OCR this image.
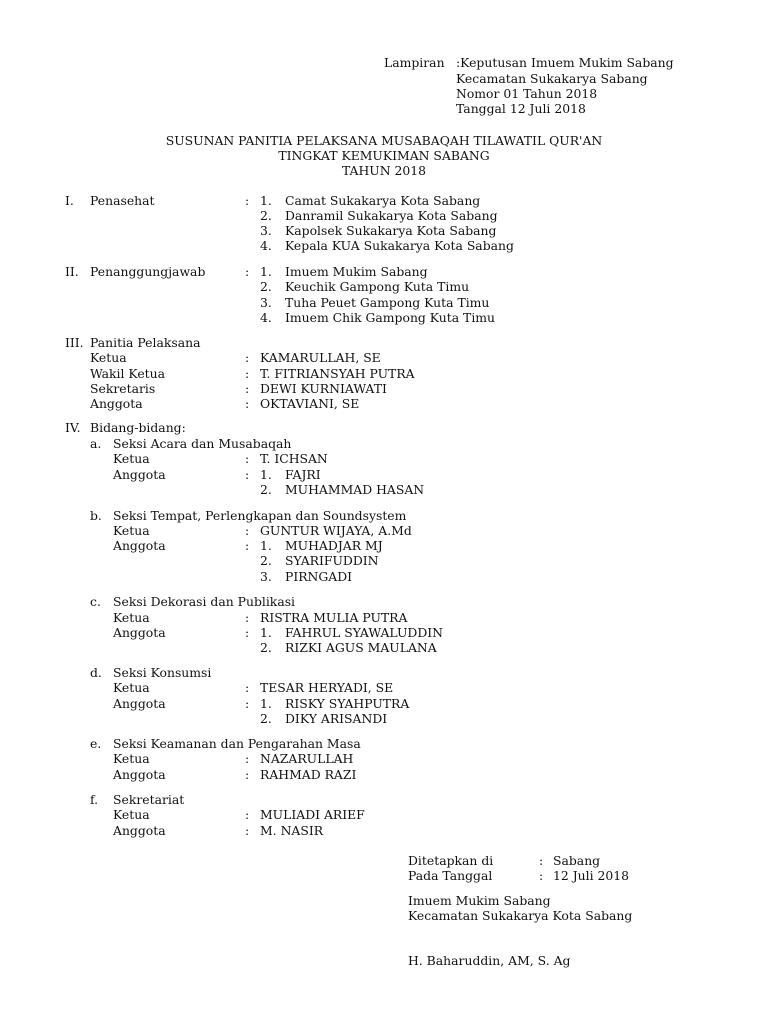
Lampiran :Keputusan Imuem Mukim Sabang
Kecamatan Sukakarya Sabang
Nomor 01 Tahun 2018
Tanggal 12 Juli 2018
SUSUNAN PANITIA PELAKSANA MUSABAQAH TILAWATIL QUR'AN
TINGKAT KEMUKIMAN SABANG
TAHUN 2018
I. Penasehat	: 1. Camat Sukakarya Kota Sabang
2. Danramil Sukakarya Kota Sabang
3. Kapolsek Sukakarya Kota Sabang
4. Kepala KUA Sukakarya Kota Sabang
II. Penanggungjawab	: 1. Imuem Mukim Sabang
2. Keuchik Gampong Kuta Timu
3. Tuha Peuet Gampong Kuta Timu
4. Imuem Chik Gampong Kuta Timu
III. Panitia Pelaksana
Ketua	: KAMARULLAH, SE
Wakil Ketua	: T. FITRIANSYAH PUTRA
Sekretaris	: DEWI KURNIAWATI
Anggota	: OKTAVIANI, SE
IV. Bidang-bidang:
a. Seksi Acara dan Musabaqah
Ketua	: T. ICHSAN
Anggota	: 1. FAJRI
2. MUHAMMAD HASAN
b. Seksi Tempat, Perlengkapan dan Soundsystem
Ketua	: GUNTUR WIJAYA, A.Md
Anggota	: 1. MUHADJAR MJ
2. SYARIFUDDIN
3. PIRNGADI
c. Seksi Dekorasi dan Publikasi
Ketua	: RISTRA MULIA PUTRA
Anggota	: 1. FAHRUL SYAWALUDDIN
2. RIZKI AGUS MAULANA
d. Seksi Konsumsi
Ketua	: TESAR HERYADI, SE
Anggota	: 1. RISKY SYAHPUTRA
2. DIKY ARISANDI
e. Seksi Keamanan dan Pengarahan Masa
Ketua	: NAZARULLAH
Anggota	: RAHMAD RAZI
f. Sekretariat
Ketua	: MULIADI ARIEF
Anggota	: M. NASIR
Ditetapkan di	: Sabang
Pada Tanggal	: 12 Juli 2018
Imuem Mukim Sabang
Kecamatan Sukakarya Kota Sabang
H. Baharuddin, AM, S. Ag
